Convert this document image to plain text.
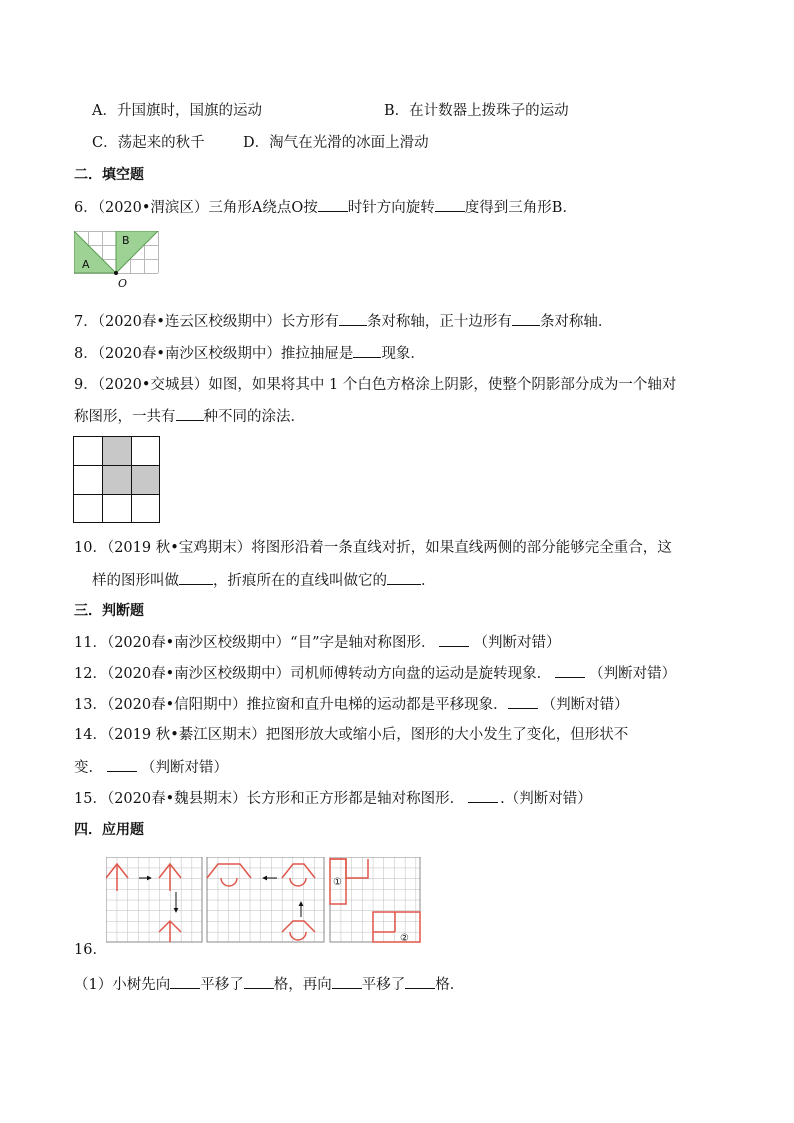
A．升国旗时，国旗的运动	B．在计数器上拨珠子的运动
C．荡起来的秋千	D．淘气在光滑的冰面上滑动
二．填空题
6．（2020•渭滨区）三角形A绕点O按 时针方向旋转 度得到三角形B．
A
B
O
7．（2020春•连云区校级期中）长方形有 条对称轴，正十边形有 条对称轴．
8．（2020春•南沙区校级期中）推拉抽屉是 现象．
9．（2020•交城县）如图，如果将其中 1 个白色方格涂上阴影，使整个阴影部分成为一个轴对
称图形，一共有 种不同的涂法．
10．（2019 秋•宝鸡期末）将图形沿着一条直线对折，如果直线两侧的部分能够完全重合，这
样的图形叫做 ，折痕所在的直线叫做它的 ．
三．判断题
11．（2020春•南沙区校级期中）“目”字是轴对称图形．	（判断对错）
12．（2020春•南沙区校级期中）司机师傅转动方向盘的运动是旋转现象．	（判断对错）
13．（2020春•信阳期中）推拉窗和直升电梯的运动都是平移现象． （判断对错）
14．（2019 秋•綦江区期末）把图形放大或缩小后，图形的大小发生了变化，但形状不
变．	（判断对错）
15．（2020春•魏县期末）长方形和正方形都是轴对称图形． .（判断对错）
四．应用题
①
②
16．
（1）小树先向 平移了 格，再向 平移了 格．
